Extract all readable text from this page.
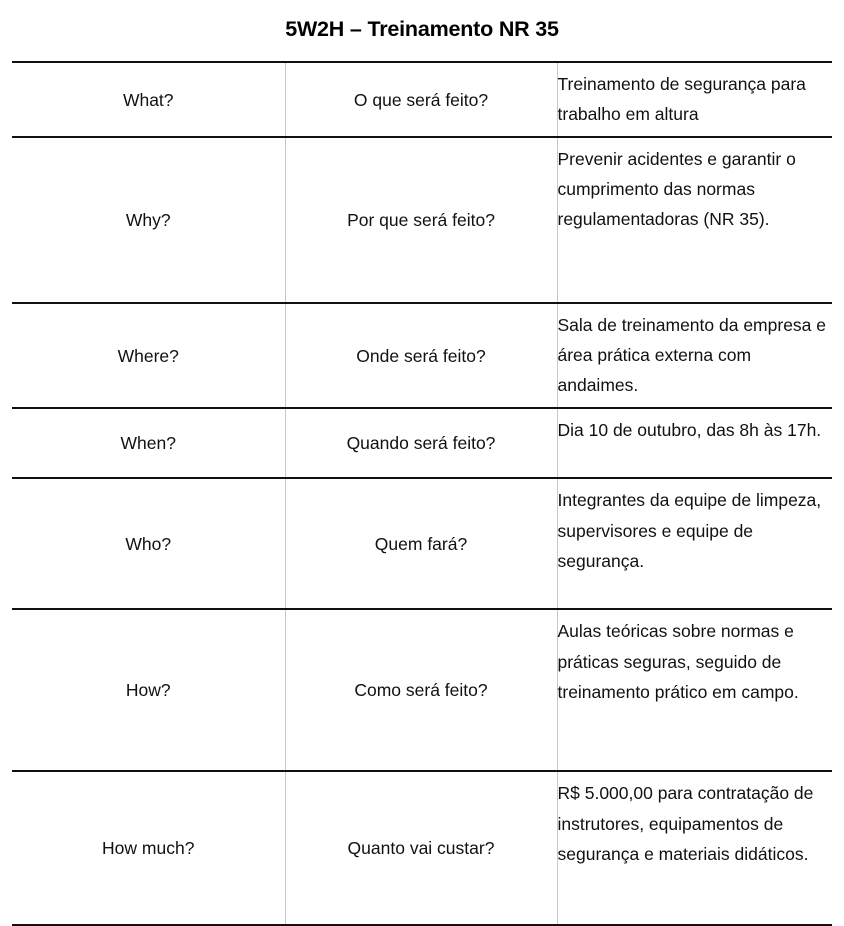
5W2H – Treinamento NR 35
What?	O que será feito?	Treinamento de segurança para trabalho em altura
Why?	Por que será feito?	Prevenir acidentes e garantir o cumprimento das normas regulamentadoras (NR 35).
Where?	Onde será feito?	Sala de treinamento da empresa e área prática externa com andaimes.
When?	Quando será feito?	Dia 10 de outubro, das 8h às 17h.
Who?	Quem fará?	Integrantes da equipe de limpeza, supervisores e equipe de segurança.
How?	Como será feito?	Aulas teóricas sobre normas e práticas seguras, seguido de treinamento prático em campo.
How much?	Quanto vai custar?	R$ 5.000,00 para contratação de instrutores, equipamentos de segurança e materiais didáticos.
